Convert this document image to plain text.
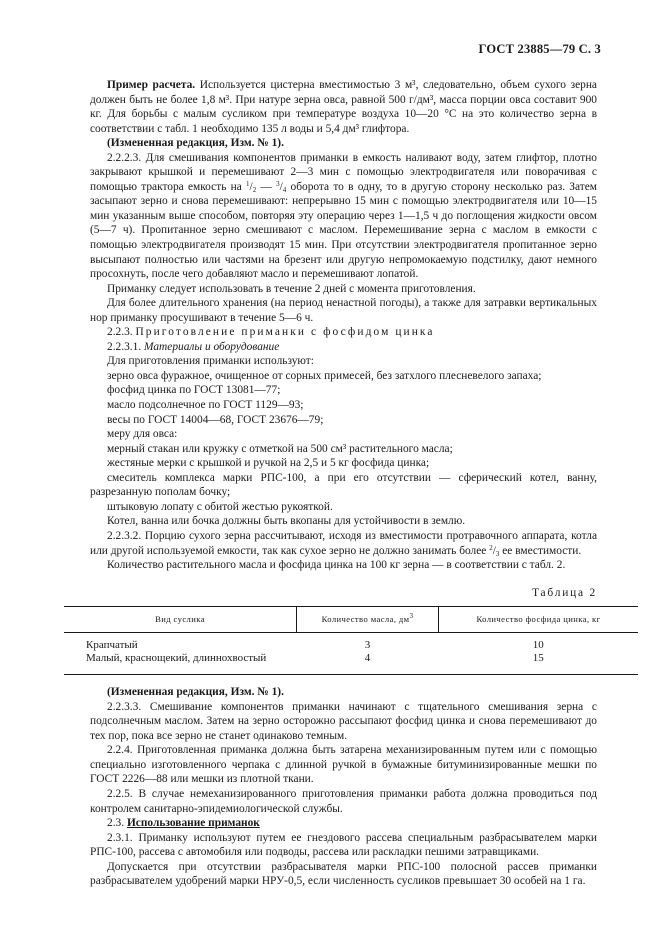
ГОСТ 23885—79 С. 3

Пример расчета. Используется цистерна вместимостью 3 м³, следовательно, объем сухого зерна должен быть не более 1,8 м³. При натуре зерна овса, равной 500 г/дм³, масса порции овса составит 900 кг. Для борьбы с малым сусликом при температуре воздуха 10—20 °С на это количество зерна в соответствии с табл. 1 необходимо 135 л воды и 5,4 дм³ глифтора.

(Измененная редакция, Изм. № 1).

2.2.2.3. Для смешивания компонентов приманки в емкость наливают воду, затем глифтор, плотно закрывают крышкой и перемешивают 2—3 мин с помощью электродвигателя или поворачивая с помощью трактора емкость на $^1/_2$ — $^3/_4$ оборота то в одну, то в другую сторону несколько раз. Затем засыпают зерно и снова перемешивают: непрерывно 15 мин с помощью электродвигателя или 10—15 мин указанным выше способом, повторяя эту операцию через 1—1,5 ч до поглощения жидкости овсом (5—7 ч). Пропитанное зерно смешивают с маслом. Перемешивание зерна с маслом в емкости с помощью электродвигателя производят 15 мин. При отсутствии электродвигателя пропитанное зерно высыпают полностью или частями на брезент или другую непромокаемую подстилку, дают немного просохнуть, после чего добавляют масло и перемешивают лопатой.

Приманку следует использовать в течение 2 дней с момента приготовления.

Для более длительного хранения (на период ненастной погоды), а также для затравки вертикальных нор приманку просушивают в течение 5—6 ч.

2.2.3. Приготовление приманки с фосфидом цинка

2.2.3.1. Материалы и оборудование

Для приготовления приманки используют:

зерно овса фуражное, очищенное от сорных примесей, без затхлого плесневелого запаха;

фосфид цинка по ГОСТ 13081—77;

масло подсолнечное по ГОСТ 1129—93;

весы по ГОСТ 14004—68, ГОСТ 23676—79;

меру для овса:

мерный стакан или кружку с отметкой на 500 см³ растительного масла;

жестяные мерки с крышкой и ручкой на 2,5 и 5 кг фосфида цинка;

смеситель комплекса марки РПС-100, а при его отсутствии — сферический котел, ванну, разрезанную пополам бочку;

штыковую лопату с обитой жестью рукояткой.

Котел, ванна или бочка должны быть вкопаны для устойчивости в землю.

2.2.3.2. Порцию сухого зерна рассчитывают, исходя из вместимости протравочного аппарата, котла или другой используемой емкости, так как сухое зерно не должно занимать более $^2/_3$ ее вместимости.

Количество растительного масла и фосфида цинка на 100 кг зерна — в соответствии с табл. 2.

Таблица 2

Вид суслика	Количество масла, $дм^3$	Количество фосфида цинка, кг
Крапчатый	3	10
Малый, краснощекий, длиннохвостый	4	15

(Измененная редакция, Изм. № 1).

2.2.3.3. Смешивание компонентов приманки начинают с тщательного смешивания зерна с подсолнечным маслом. Затем на зерно осторожно рассыпают фосфид цинка и снова перемешивают до тех пор, пока все зерно не станет одинаково темным.

2.2.4. Приготовленная приманка должна быть затарена механизированным путем или с помощью специально изготовленного черпака с длинной ручкой в бумажные битуминизированные мешки по ГОСТ 2226—88 или мешки из плотной ткани.

2.2.5. В случае немеханизированного приготовления приманки работа должна проводиться под контролем санитарно-эпидемиологической службы.

2.3. Использование приманок

2.3.1. Приманку используют путем ее гнездового рассева специальным разбрасывателем марки РПС-100, рассева с автомобиля или подводы, рассева или раскладки пешими затравщиками.

Допускается при отсутствии разбрасывателя марки РПС-100 полосной рассев приманки разбрасывателем удобрений марки НРУ-0,5, если численность сусликов превышает 30 особей на 1 га.
